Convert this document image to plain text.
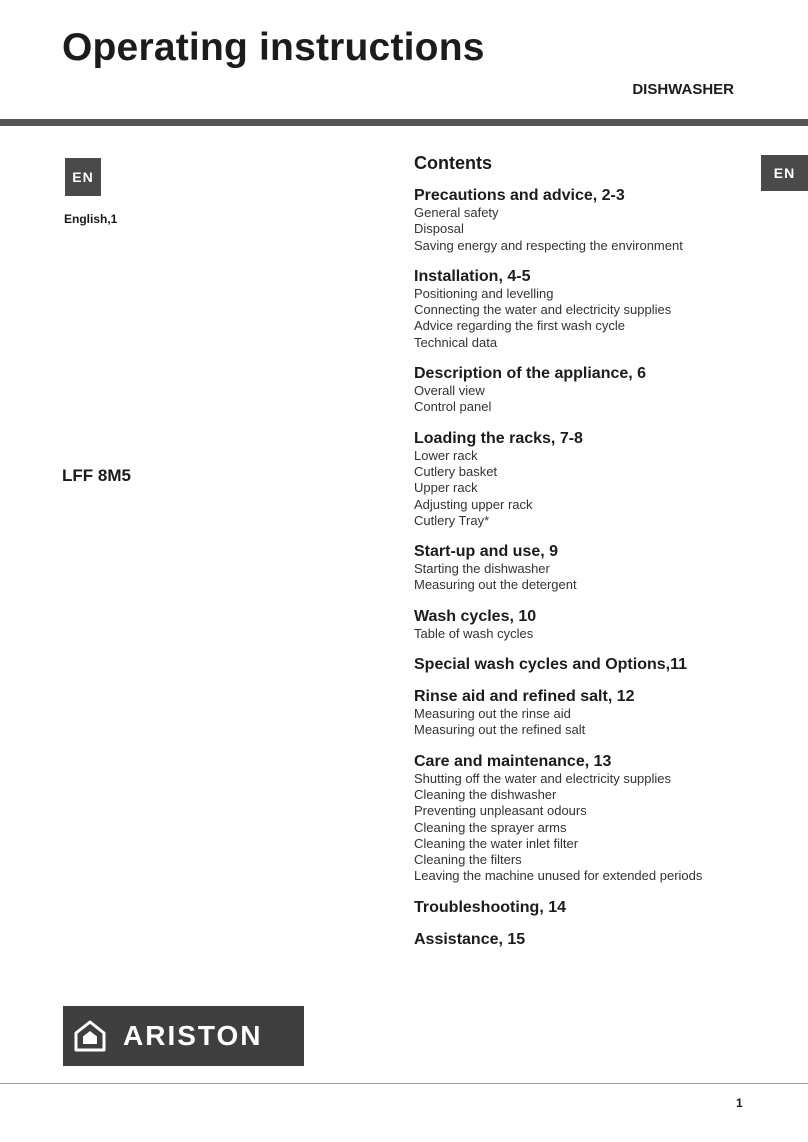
Operating instructions
DISHWASHER
EN	EN
English,1
LFF 8M5
Contents
Precautions and advice, 2-3
General safety
Disposal
Saving energy and respecting the environment
Installation, 4-5
Positioning and levelling
Connecting the water and electricity supplies
Advice regarding the first wash cycle
Technical data
Description of the appliance, 6
Overall view
Control panel
Loading the racks, 7-8
Lower rack
Cutlery basket
Upper rack
Adjusting upper rack
Cutlery Tray*
Start-up and use, 9
Starting the dishwasher
Measuring out the detergent
Wash cycles, 10
Table of wash cycles
Special wash cycles and Options,11
Rinse aid and refined salt, 12
Measuring out the rinse aid
Measuring out the refined salt
Care and maintenance, 13
Shutting off the water and electricity supplies
Cleaning the dishwasher
Preventing unpleasant odours
Cleaning the sprayer arms
Cleaning the water inlet filter
Cleaning the filters
Leaving the machine unused for extended periods
Troubleshooting, 14
Assistance, 15
ARISTON
1
